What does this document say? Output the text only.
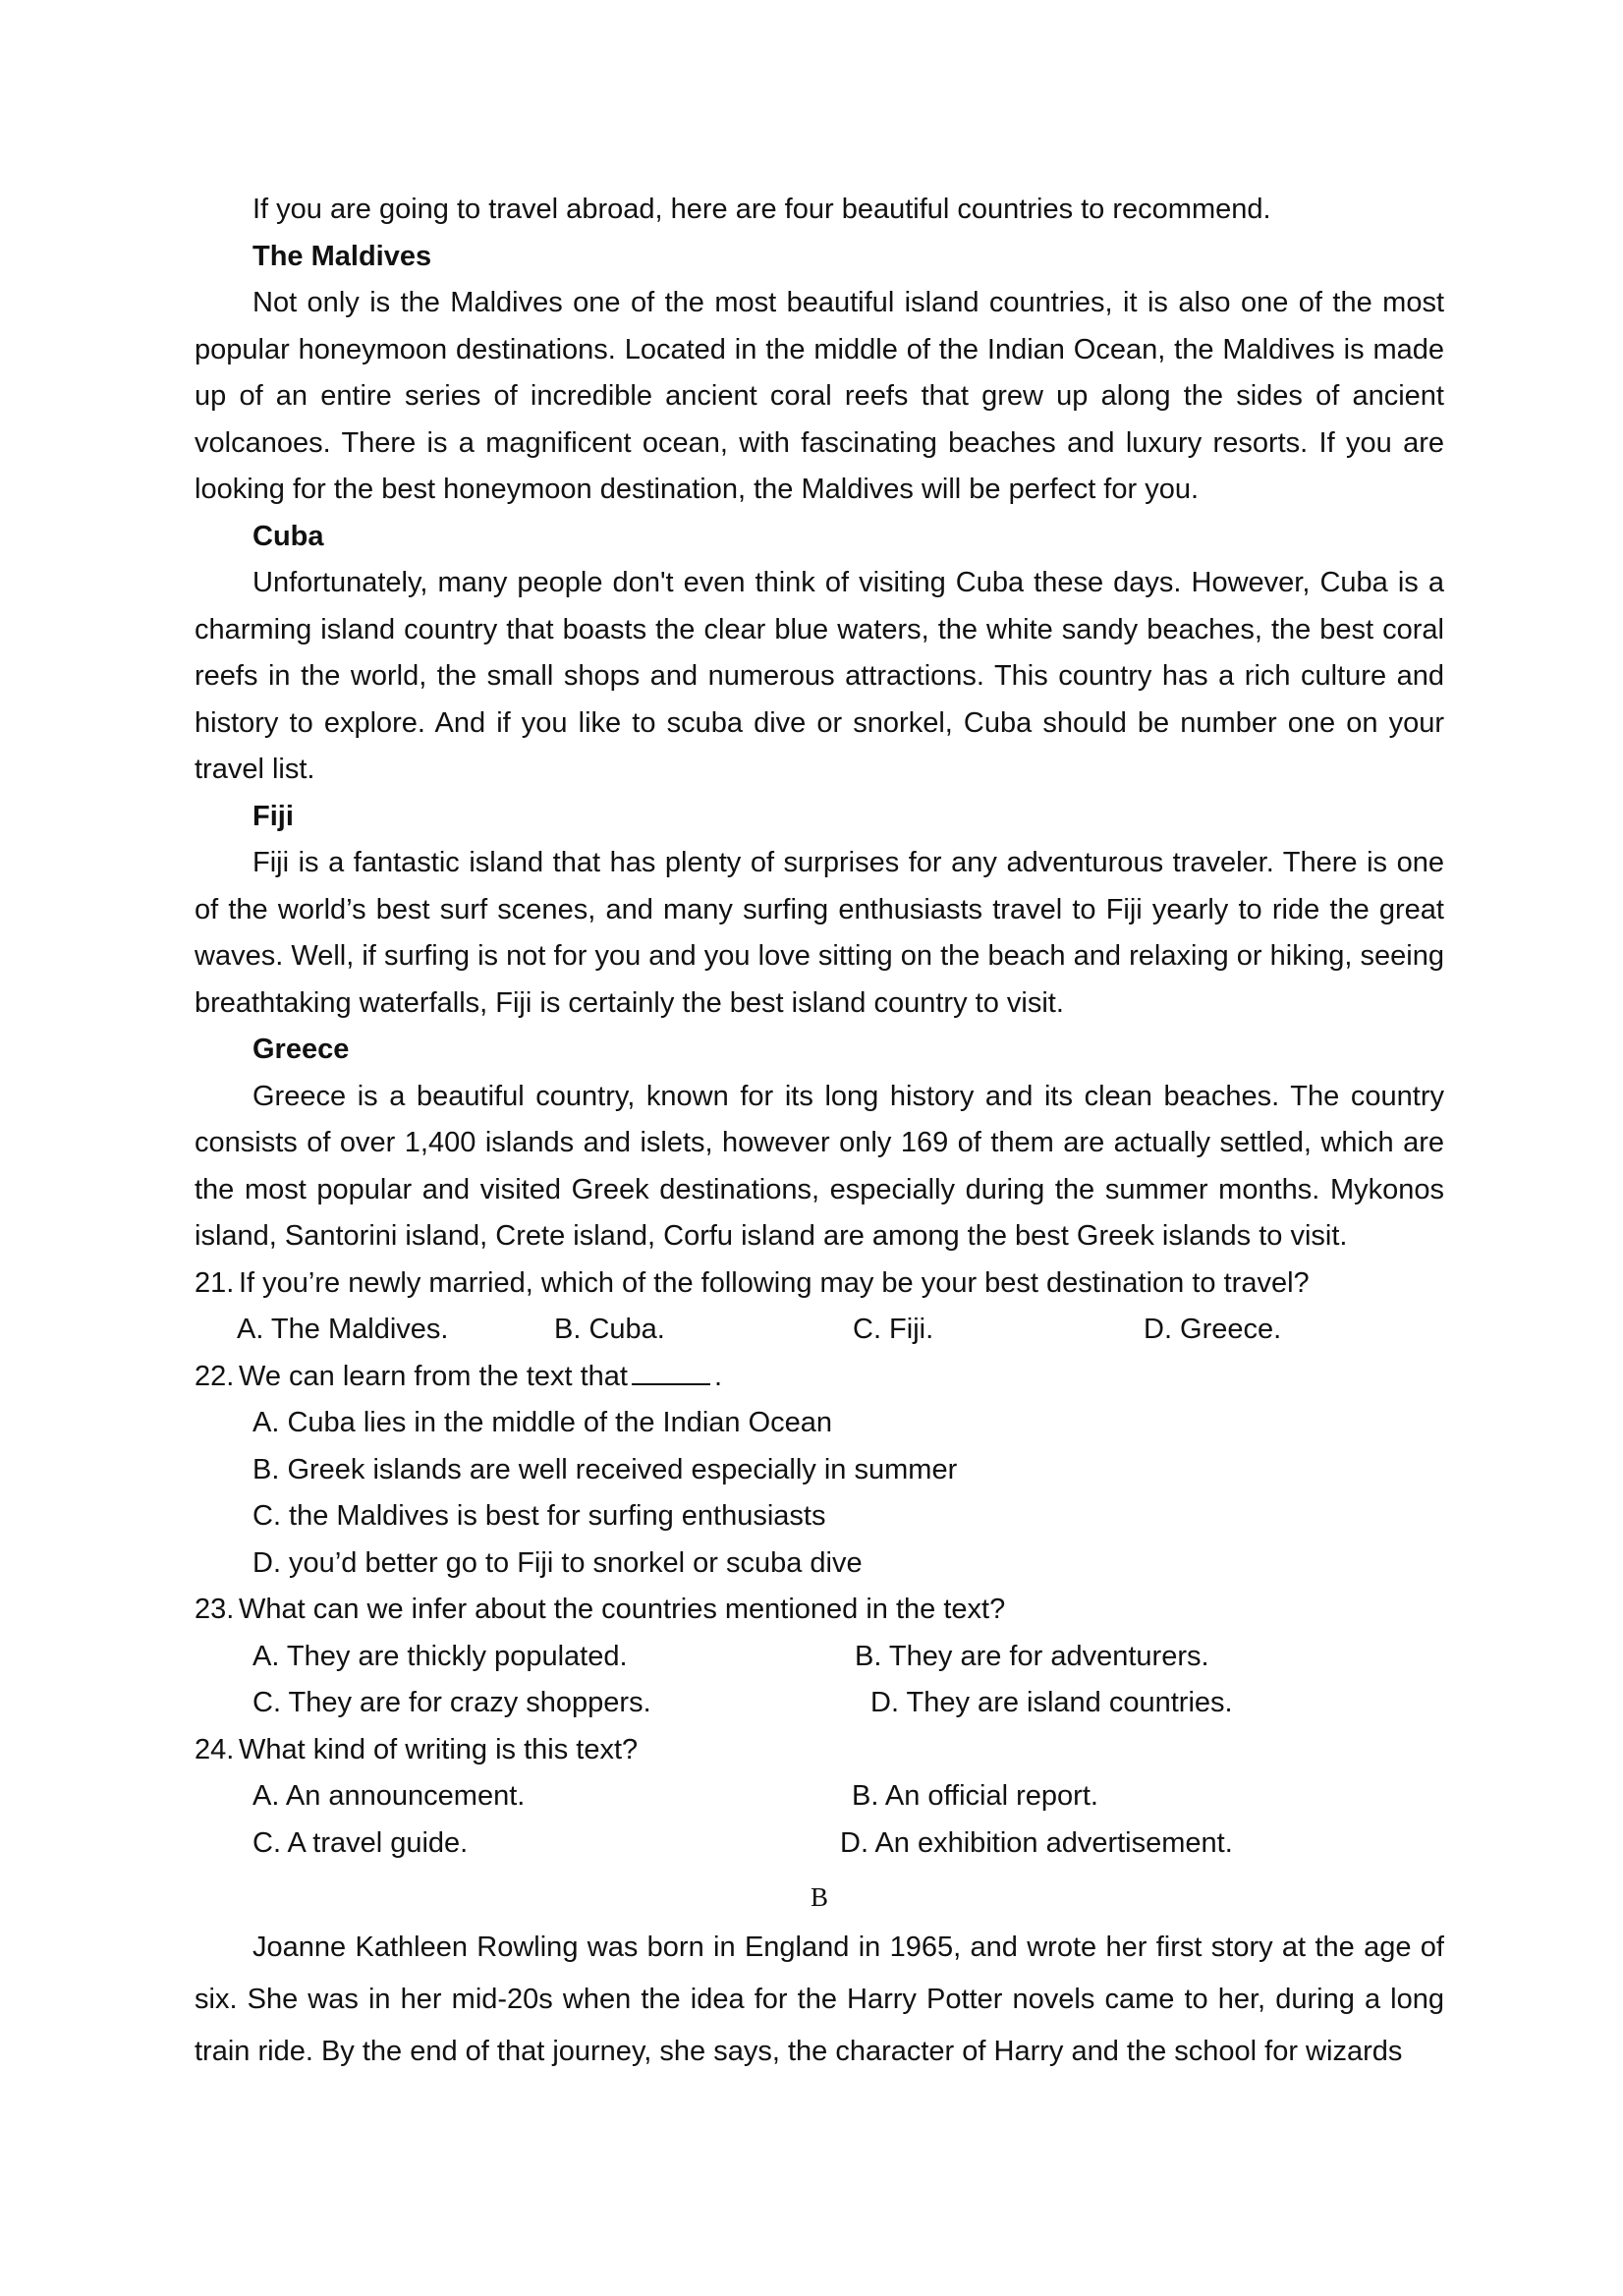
If you are going to travel abroad, here are four beautiful countries to recommend.
The Maldives

Not only is the Maldives one of the most beautiful island countries, it is also one of the most popular honeymoon destinations. Located in the middle of the Indian Ocean, the Maldives is made up of an entire series of incredible ancient coral reefs that grew up along the sides of ancient volcanoes. There is a magnificent ocean, with fascinating beaches and luxury resorts. If you are looking for the best honeymoon destination, the Maldives will be perfect for you.

Cuba

Unfortunately, many people don't even think of visiting Cuba these days. However, Cuba is a charming island country that boasts the clear blue waters, the white sandy beaches, the best coral reefs in the world, the small shops and numerous attractions. This country has a rich culture and history to explore. And if you like to scuba dive or snorkel, Cuba should be number one on your travel list.

Fiji

Fiji is a fantastic island that has plenty of surprises for any adventurous traveler. There is one of the world’s best surf scenes, and many surfing enthusiasts travel to Fiji yearly to ride the great waves. Well, if surfing is not for you and you love sitting on the beach and relaxing or hiking, seeing breathtaking waterfalls, Fiji is certainly the best island country to visit.

Greece

Greece is a beautiful country, known for its long history and its clean beaches. The country consists of over 1,400 islands and islets, however only 169 of them are actually settled, which are the most popular and visited Greek destinations, especially during the summer months. Mykonos island, Santorini island, Crete island, Corfu island are among the best Greek islands to visit.

21. If you’re newly married, which of the following may be your best destination to travel?
A. The Maldives.	B. Cuba.	C. Fiji.	D. Greece.
22. We can learn from the text that	.
A. Cuba lies in the middle of the Indian Ocean
B. Greek islands are well received especially in summer
C. the Maldives is best for surfing enthusiasts
D. you’d better go to Fiji to snorkel or scuba dive
23. What can we infer about the countries mentioned in the text?
A. They are thickly populated.	B. They are for adventurers.
C. They are for crazy shoppers.	D. They are island countries.
24. What kind of writing is this text?
A. An announcement.	B. An official report.
C. A travel guide.	D. An exhibition advertisement.
B

Joanne Kathleen Rowling was born in England in 1965, and wrote her first story at the age of six. She was in her mid-20s when the idea for the Harry Potter novels came to her, during a long train ride. By the end of that journey, she says, the character of Harry and the school for wizards
